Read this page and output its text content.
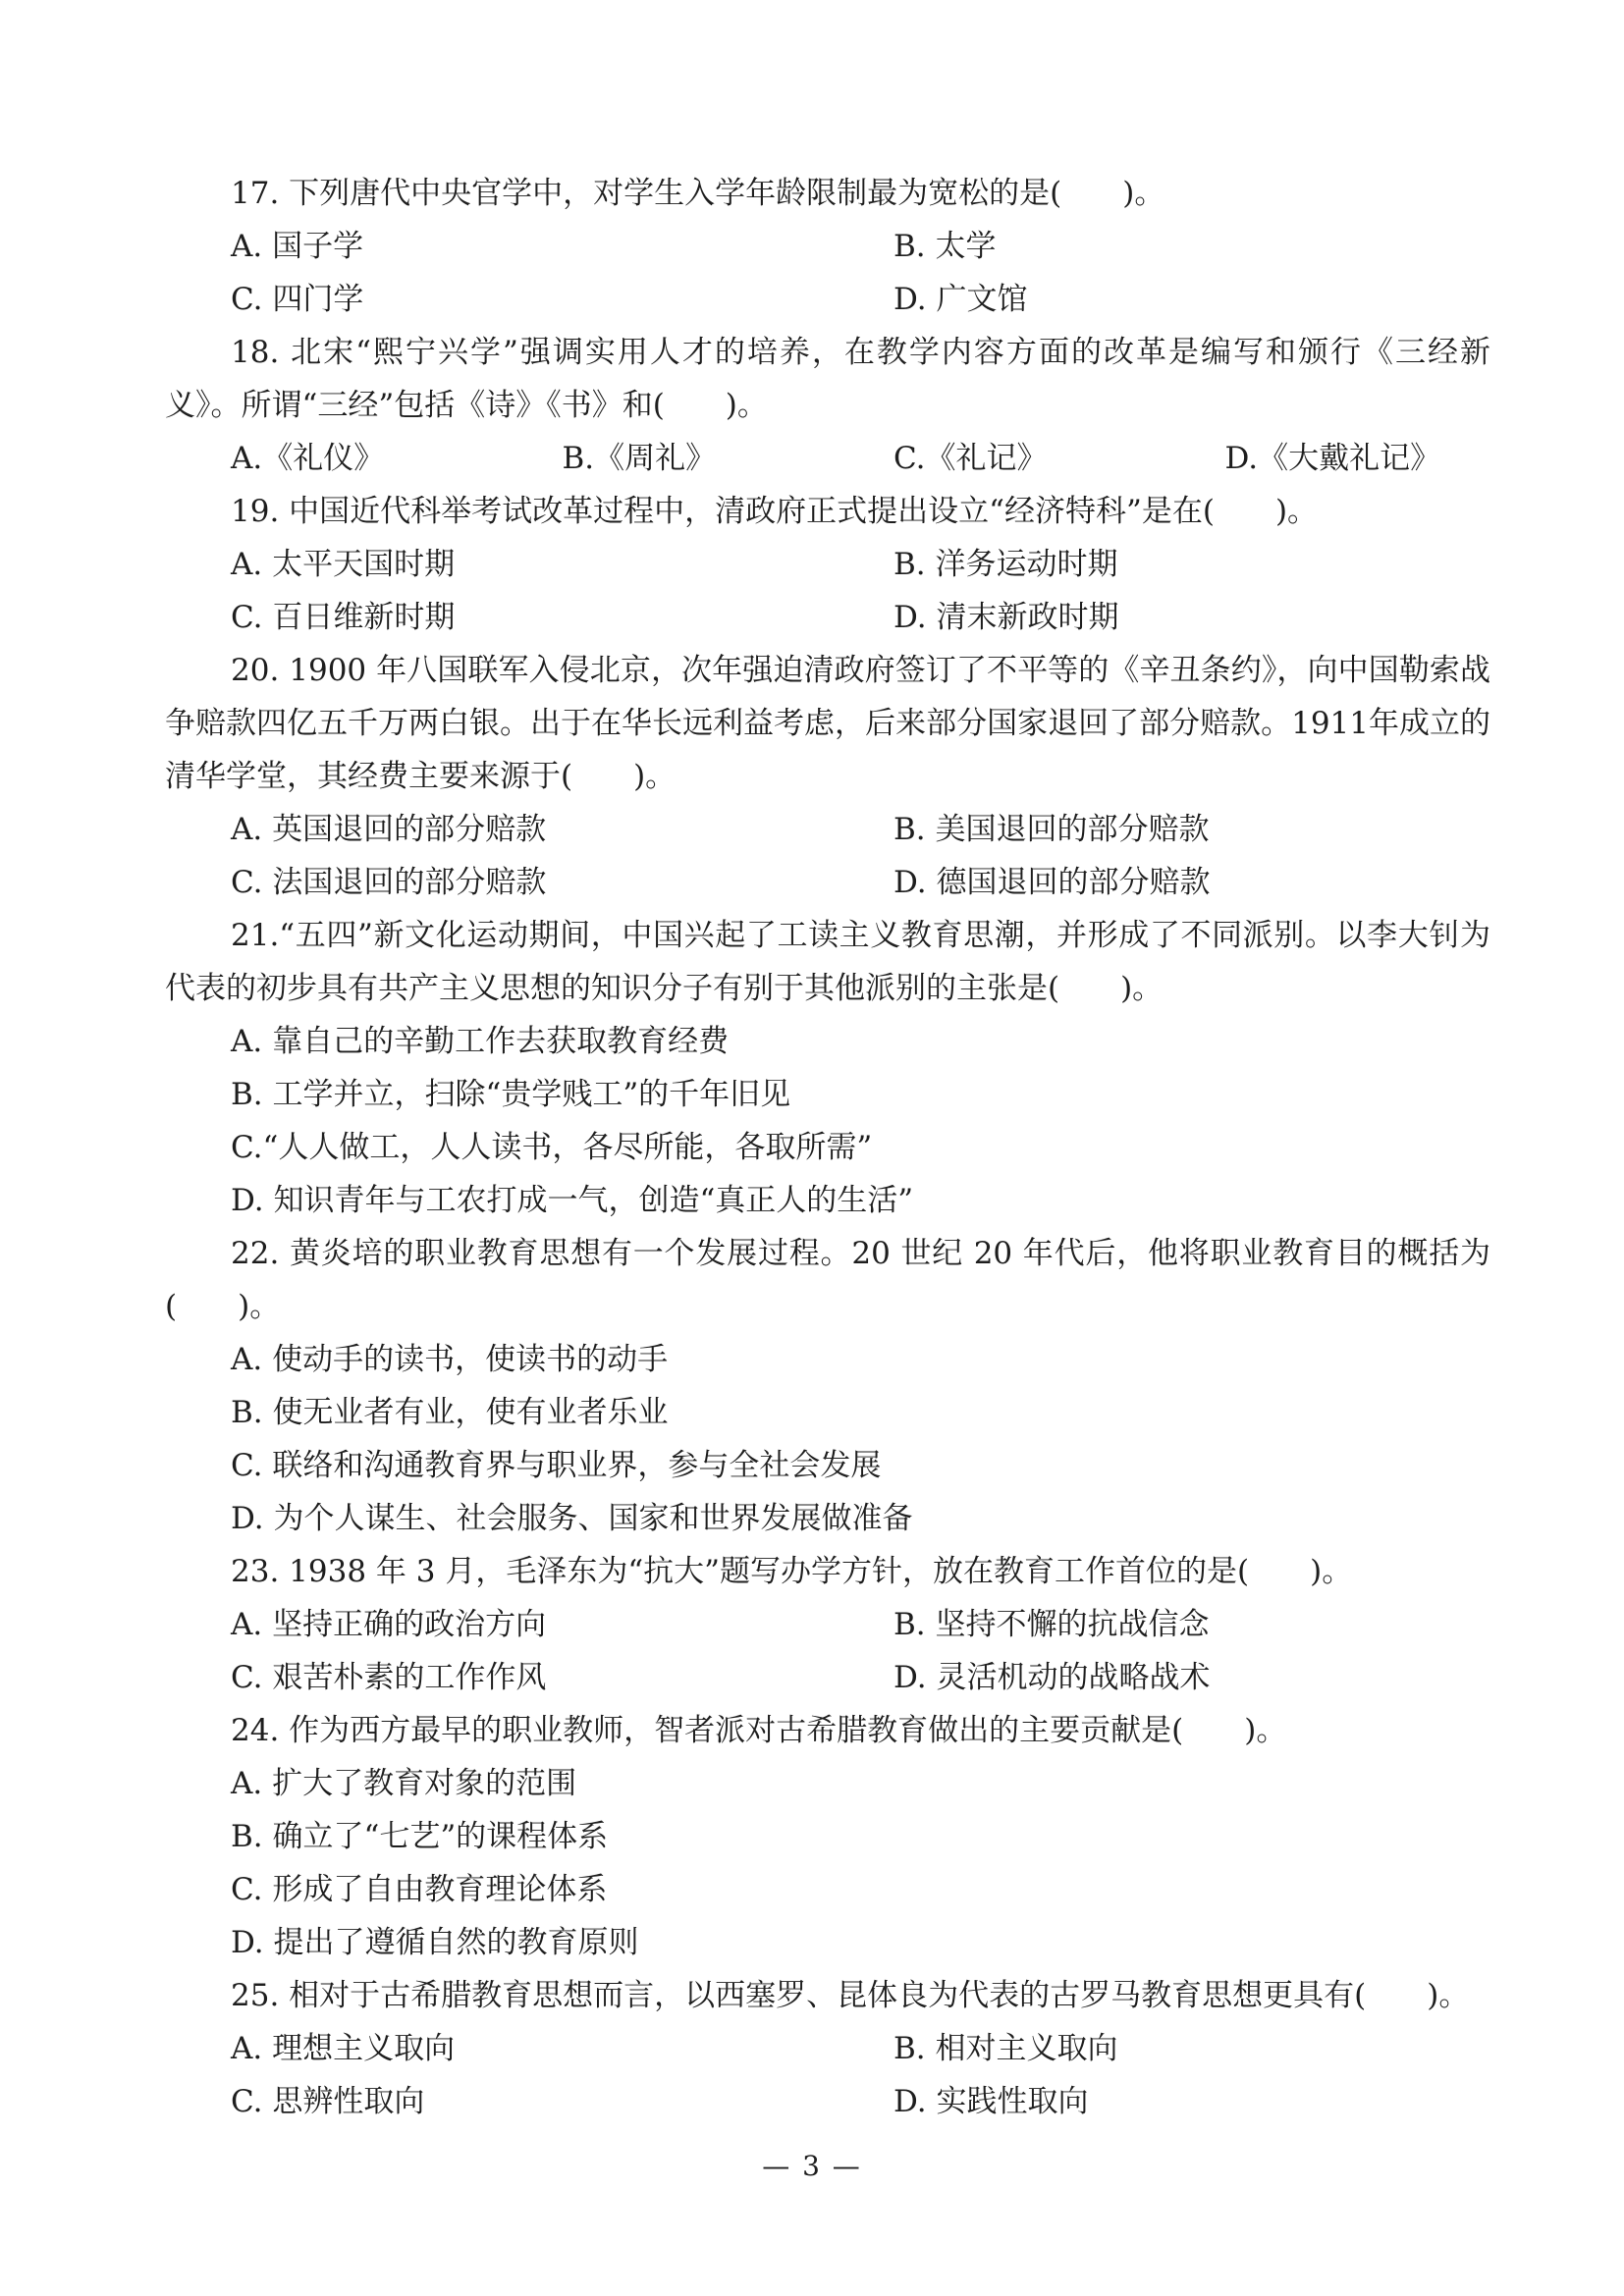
17. 下列唐代中央官学中，对学生入学年龄限制最为宽松的是(　　)。

A. 国子学	B. 太学
C. 四门学	D. 广文馆

18. 北宋“熙宁兴学”强调实用人才的培养，在教学内容方面的改革是编写和颁行《三经新义》。所谓“三经”包括《诗》《书》和(　　)。

A.《礼仪》	B.《周礼》	C.《礼记》	D.《大戴礼记》

19. 中国近代科举考试改革过程中，清政府正式提出设立“经济特科”是在(　　)。

A. 太平天国时期	B. 洋务运动时期
C. 百日维新时期	D. 清末新政时期

20. 1900 年八国联军入侵北京，次年强迫清政府签订了不平等的《辛丑条约》，向中国勒索战争赔款四亿五千万两白银。出于在华长远利益考虑，后来部分国家退回了部分赔款。1911年成立的清华学堂，其经费主要来源于(　　)。

A. 英国退回的部分赔款	B. 美国退回的部分赔款
C. 法国退回的部分赔款	D. 德国退回的部分赔款

21.“五四”新文化运动期间，中国兴起了工读主义教育思潮，并形成了不同派别。以李大钊为代表的初步具有共产主义思想的知识分子有别于其他派别的主张是(　　)。

A. 靠自己的辛勤工作去获取教育经费
B. 工学并立，扫除“贵学贱工”的千年旧见
C.“人人做工，人人读书，各尽所能，各取所需”
D. 知识青年与工农打成一气，创造“真正人的生活”

22. 黄炎培的职业教育思想有一个发展过程。20 世纪 20 年代后，他将职业教育目的概括为(　　)。

A. 使动手的读书，使读书的动手
B. 使无业者有业，使有业者乐业
C. 联络和沟通教育界与职业界，参与全社会发展
D. 为个人谋生、社会服务、国家和世界发展做准备

23. 1938 年 3 月，毛泽东为“抗大”题写办学方针，放在教育工作首位的是(　　)。

A. 坚持正确的政治方向	B. 坚持不懈的抗战信念
C. 艰苦朴素的工作作风	D. 灵活机动的战略战术

24. 作为西方最早的职业教师，智者派对古希腊教育做出的主要贡献是(　　)。

A. 扩大了教育对象的范围
B. 确立了“七艺”的课程体系
C. 形成了自由教育理论体系
D. 提出了遵循自然的教育原则

25. 相对于古希腊教育思想而言，以西塞罗、昆体良为代表的古罗马教育思想更具有(　　)。

A. 理想主义取向	B. 相对主义取向
C. 思辨性取向	D. 实践性取向
— 3 —
